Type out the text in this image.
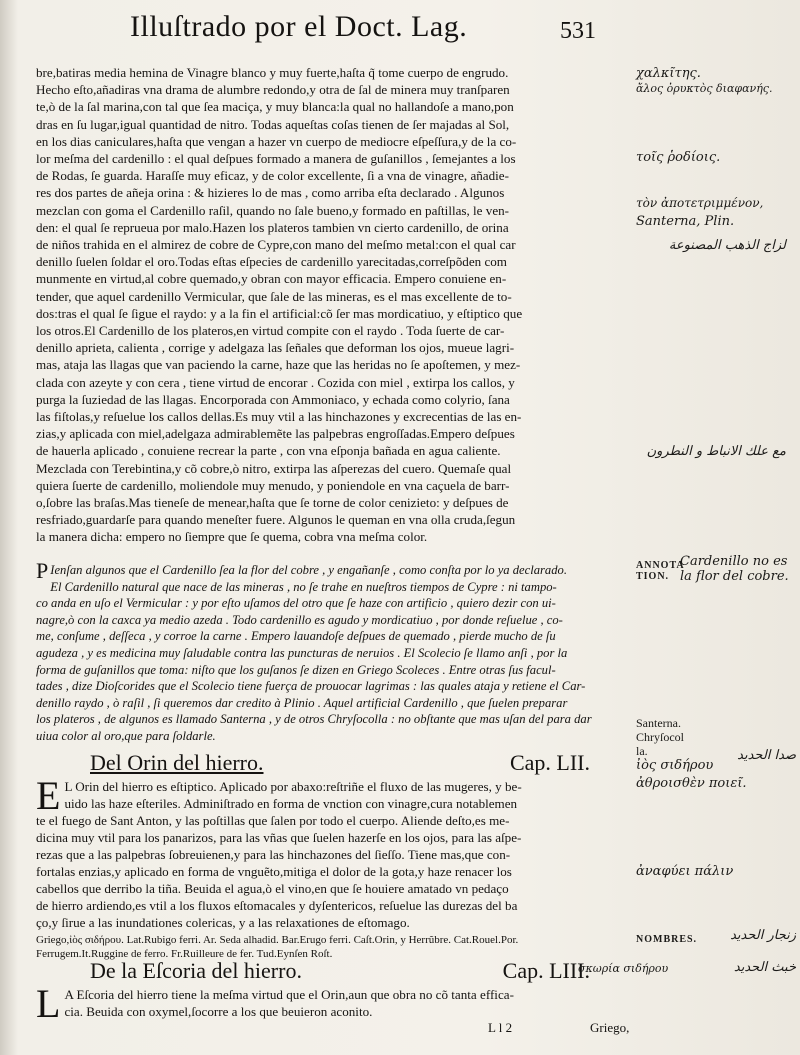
Illuſtrado por el Doct. Lag.	531

bre,batiras media hemina de Vinagre blanco y muy fuerte,haſta q̃ tome cuerpo de engrudo.

Hecho eſto,añadiras vna drama de alumbre redondo,y otra de ſal de minera muy tranſparen

te,ò de la ſal marina,con tal que ſea maciça, y muy blanca:la qual no hallandoſe a mano,pon

dras en ſu lugar,igual quantidad de nitro. Todas aqueſtas coſas tienen de ſer majadas al Sol,

en los dias caniculares,haſta que vengan a hazer vn cuerpo de mediocre eſpeſſura,y de la co-

lor meſma del cardenillo : el qual deſpues formado a manera de guſanillos , ſemejantes a los

de Rodas, ſe guarda. Haraſſe muy eficaz, y de color excellente, ſi a vna de vinagre, añadie-

res dos partes de añeja orina : & hizieres lo de mas , como arriba eſta declarado . Algunos

mezclan con goma el Cardenillo raſil, quando no ſale bueno,y formado en paſtillas, le ven-

den: el qual ſe reprueua por malo.Hazen los plateros tambien vn cierto cardenillo, de orina

de niños trahida en el almirez de cobre de Cypre,con mano del meſmo metal:con el qual car

denillo ſuelen ſoldar el oro.Todas eſtas eſpecies de cardenillo yarecitadas,correſpõden com

munmente en virtud,al cobre quemado,y obran con mayor efficacia. Empero conuiene en-

tender, que aquel cardenillo Vermicular, que ſale de las mineras, es el mas excellente de to-

dos:tras el qual ſe ſigue el raydo: y a la fin el artificial:cõ ſer mas mordicatiuo, y eſtiptico que

los otros.El Cardenillo de los plateros,en virtud compite con el raydo . Toda ſuerte de car-

denillo aprieta, calienta , corrige y adelgaza las ſeñales que deforman los ojos, mueue lagri-

mas, ataja las llagas que van paciendo la carne, haze que las heridas no ſe apoſtemen, y mez-

clada con azeyte y con cera , tiene virtud de encorar . Cozida con miel , extirpa los callos, y

purga la ſuziedad de las llagas. Encorporada con Ammoniaco, y echada como colyrio, ſana

las fiſtolas,y reſuelue los callos dellas.Es muy vtil a las hinchazones y excrecentias de las en-

zias,y aplicada con miel,adelgaza admirablemẽte las palpebras engroſſadas.Empero deſpues

de hauerla aplicado , conuiene recrear la parte , con vna eſponja bañada en agua caliente.

Mezclada con Terebintina,y cõ cobre,ò nitro, extirpa las aſperezas del cuero. Quemaſe qual

quiera ſuerte de cardenillo, moliendole muy menudo, y poniendole en vna caçuela de barr-

o,ſobre las braſas.Mas tieneſe de menear,haſta que ſe torne de color cenizieto: y deſpues de

resfriado,guardarſe para quando meneſter fuere. Algunos le queman en vna olla cruda,ſegun

la manera dicha: empero no ſiempre que ſe quema, cobra vna meſma color.

P Ienſan algunos que el Cardenillo ſea la flor del cobre , y engañanſe , como conſta por lo ya declarado.

El Cardenillo natural que nace de las mineras , no ſe trahe en nueſtros tiempos de Cypre : ni tampo-

co anda en uſo el Vermicular : y por eſto uſamos del otro que ſe haze con artificio , quiero dezir con ui-

nagre,ò con la caxca ya medio azeda . Todo cardenillo es agudo y mordicatiuo , por donde reſuelue , co-

me, conſume , deſſeca , y corroe la carne . Empero lauandoſe deſpues de quemado , pierde mucho de ſu

agudeza , y es medicina muy ſaludable contra las puncturas de neruios . El Scolecio ſe llamo anſi , por la

forma de guſanillos que toma: niſto que los guſanos ſe dizen en Griego Scoleces . Entre otras ſus facul-

tades , dize Dioſcorides que el Scolecio tiene fuerça de prouocar lagrimas : las quales ataja y retiene el Car-

denillo raydo , ò raſil , ſi queremos dar credito à Plinio . Aquel artificial Cardenillo , que ſuelen preparar

los plateros , de algunos es llamado Santerna , y de otros Chryſocolla : no obſtante que mas uſan del para dar

uiua color al oro,que para ſoldarle.

Del Orin del hierro.	Cap. LII.
E L Orin del hierro es eſtiptico. Aplicado por abaxo:reſtriñe el fluxo de las mugeres, y be-

uido las haze eſteriles. Adminiſtrado en forma de vnction con vinagre,cura notablemen

te el fuego de Sant Anton, y las poſtillas que ſalen por todo el cuerpo. Aliende deſto,es me-

dicina muy vtil para los panarizos, para las vñas que ſuelen hazerſe en los ojos, para las aſpe-

rezas que a las palpebras ſobreuienen,y para las hinchazones del ſieſſo. Tiene mas,que con-

fortalas enzias,y aplicado en forma de vnguẽto,mitiga el dolor de la gota,y haze renacer los

cabellos que derribo la tiña. Beuida el agua,ò el vino,en que ſe houiere amatado vn pedaço

de hierro ardiendo,es vtil a los fluxos eſtomacales y dyſentericos, reſuelue las durezas del ba

ço,y ſirue a las inundationes colericas, y a las relaxationes de eſtomago.

Griego,ἰὸς σιδήρου. Lat.Rubigo ferri. Ar. Seda alhadid. Bar.Erugo ferri. Caſt.Orin, y Herrũbre. Cat.Rouel.Por.
Ferrugem.It.Ruggine de ferro. Fr.Ruilleure de fer. Tud.Eynſen Roſt.
De la Eſcoria del hierro.	Cap. LIII.
L A Eſcoria del hierro tiene la meſma virtud que el Orin,aun que obra no cõ tanta effica-

cia. Beuida con oxymel,ſocorre a los que beuieron aconito.

L l 2	Griego,
χαλκῖτης.
ἄλος ὀρυκτὸς διαφανής.
τοῖς ῥοδίοις.
τὸν ἀποτετριμμένον,
Santerna, Plin.
لزاج الذهب المصنوعة
مع علك الانباط و النطرون
ANNOTA TION.
Cardenillo no es la flor del cobre.
Santerna. Chryſocol la.
ἰὸς σιδήρου
صدا الحديد
ἀθροισθὲν ποιεῖ.
ἀναφύει πάλιν
NOMBRES.	زنجار الحديد
σκωρία σιδήρου	خبث الحديد
